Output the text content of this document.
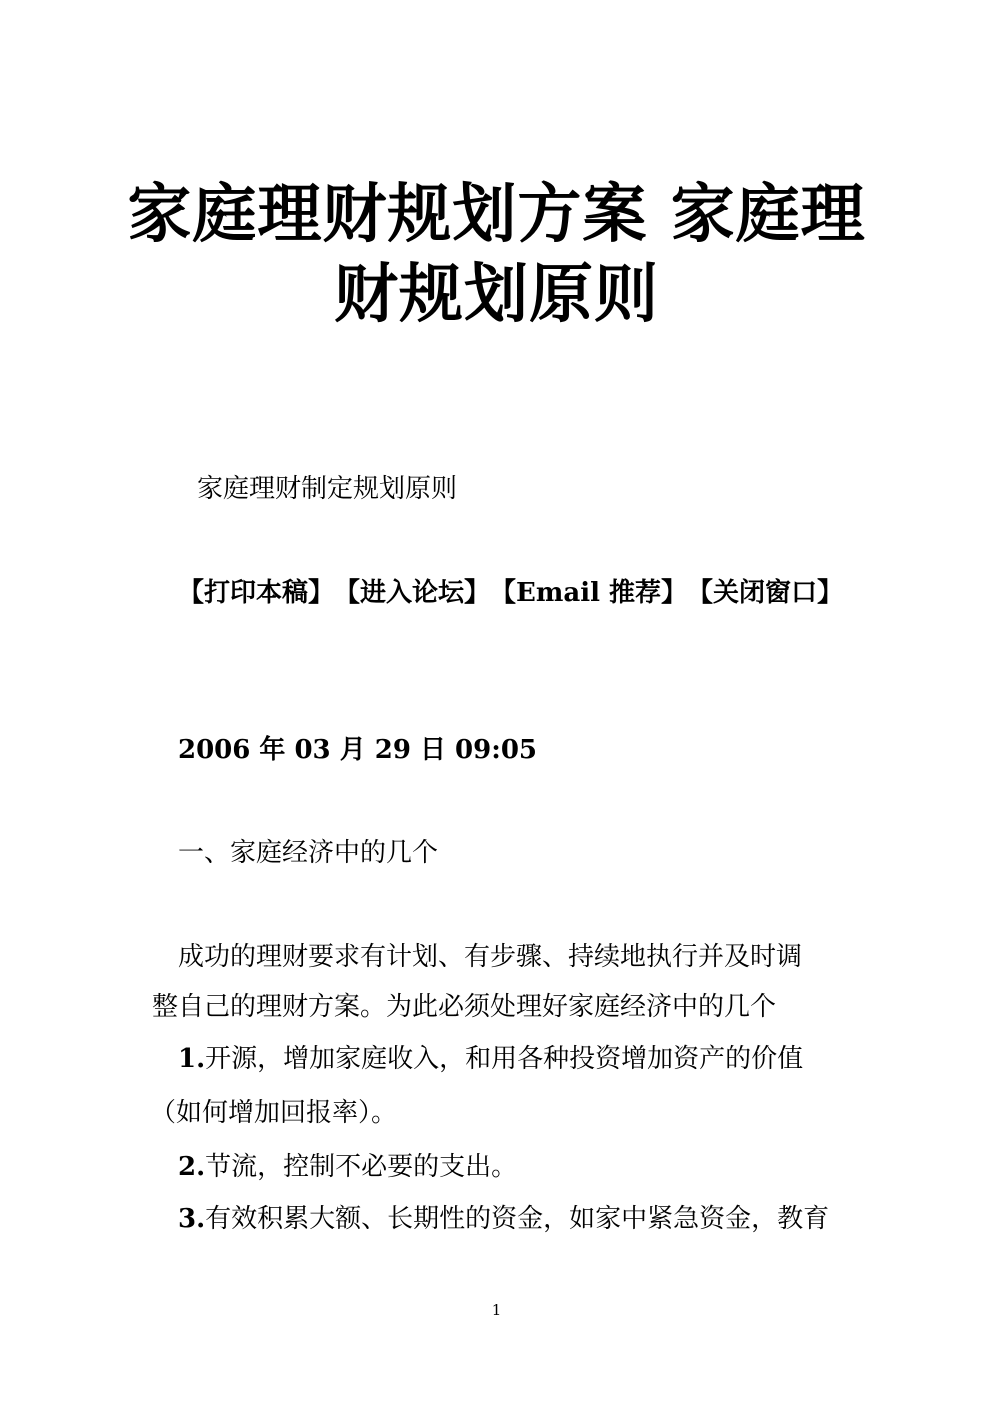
家庭理财规划方案 家庭理
财规划原则
家庭理财制定规划原则
【打印本稿】【进入论坛】【Email 推荐】【关闭窗口】
2006 年 03 月 29 日 09:05
一、家庭经济中的几个
成功的理财要求有计划、有步骤、持续地执行并及时调
整自己的理财方案。为此必须处理好家庭经济中的几个
1.开源，增加家庭收入，和用各种投资增加资产的价值
（如何增加回报率）。
2.节流，控制不必要的支出。
3.有效积累大额、长期性的资金，如家中紧急资金，教育
1
